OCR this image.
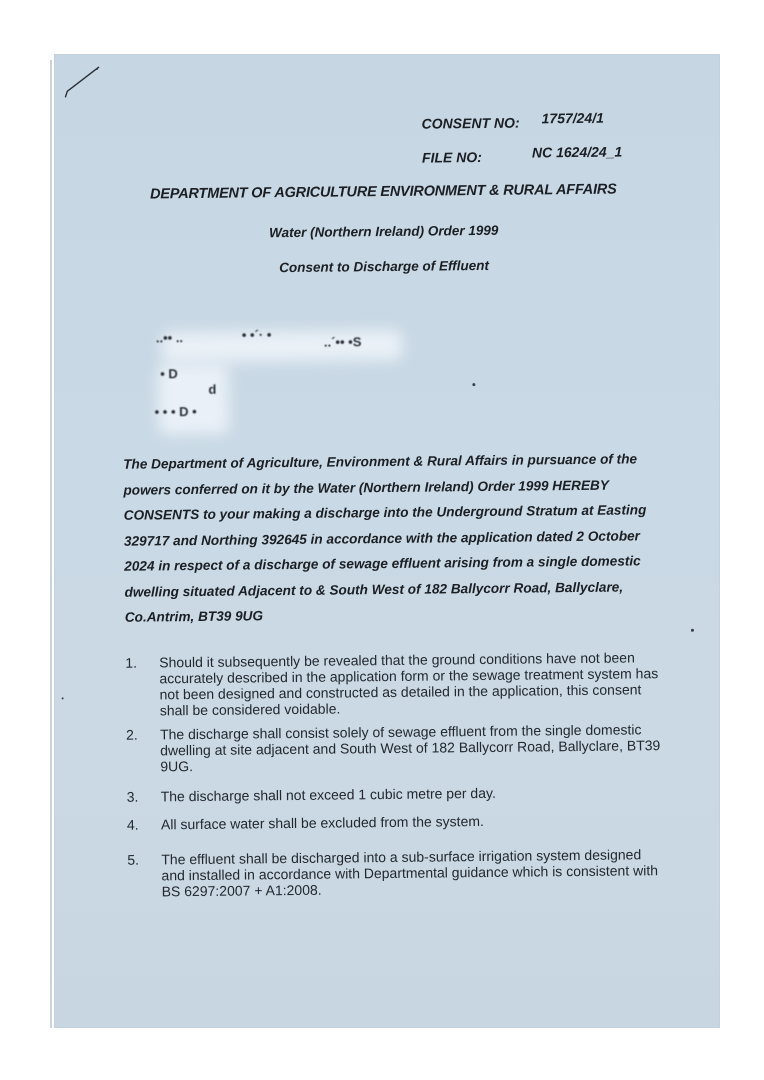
CONSENT NO: 1757/24/1
FILE NO:	NC 1624/24_1
DEPARTMENT OF AGRICULTURE ENVIRONMENT & RURAL AFFAIRS
Water (Northern Ireland) Order 1999
Consent to Discharge of Effluent
..•• ..	• •´· •	..´•• •S
• D
d
• • • D •

The Department of Agriculture, Environment & Rural Affairs in pursuance of the powers conferred on it by the Water (Northern Ireland) Order 1999 HEREBY CONSENTS to your making a discharge into the Underground Stratum at Easting 329717 and Northing 392645 in accordance with the application dated 2 October 2024 in respect of a discharge of sewage effluent arising from a single domestic dwelling situated Adjacent to & South West of 182 Ballycorr Road, Ballyclare, Co.Antrim, BT39 9UG

1. Should it subsequently be revealed that the ground conditions have not been accurately described in the application form or the sewage treatment system has not been designed and constructed as detailed in the application, this consent shall be considered voidable.
2. The discharge shall consist solely of sewage effluent from the single domestic dwelling at site adjacent and South West of 182 Ballycorr Road, Ballyclare, BT39 9UG.
3. The discharge shall not exceed 1 cubic metre per day.
4. All surface water shall be excluded from the system.
5. The effluent shall be discharged into a sub-surface irrigation system designed and installed in accordance with Departmental guidance which is consistent with BS 6297:2007 + A1:2008.
